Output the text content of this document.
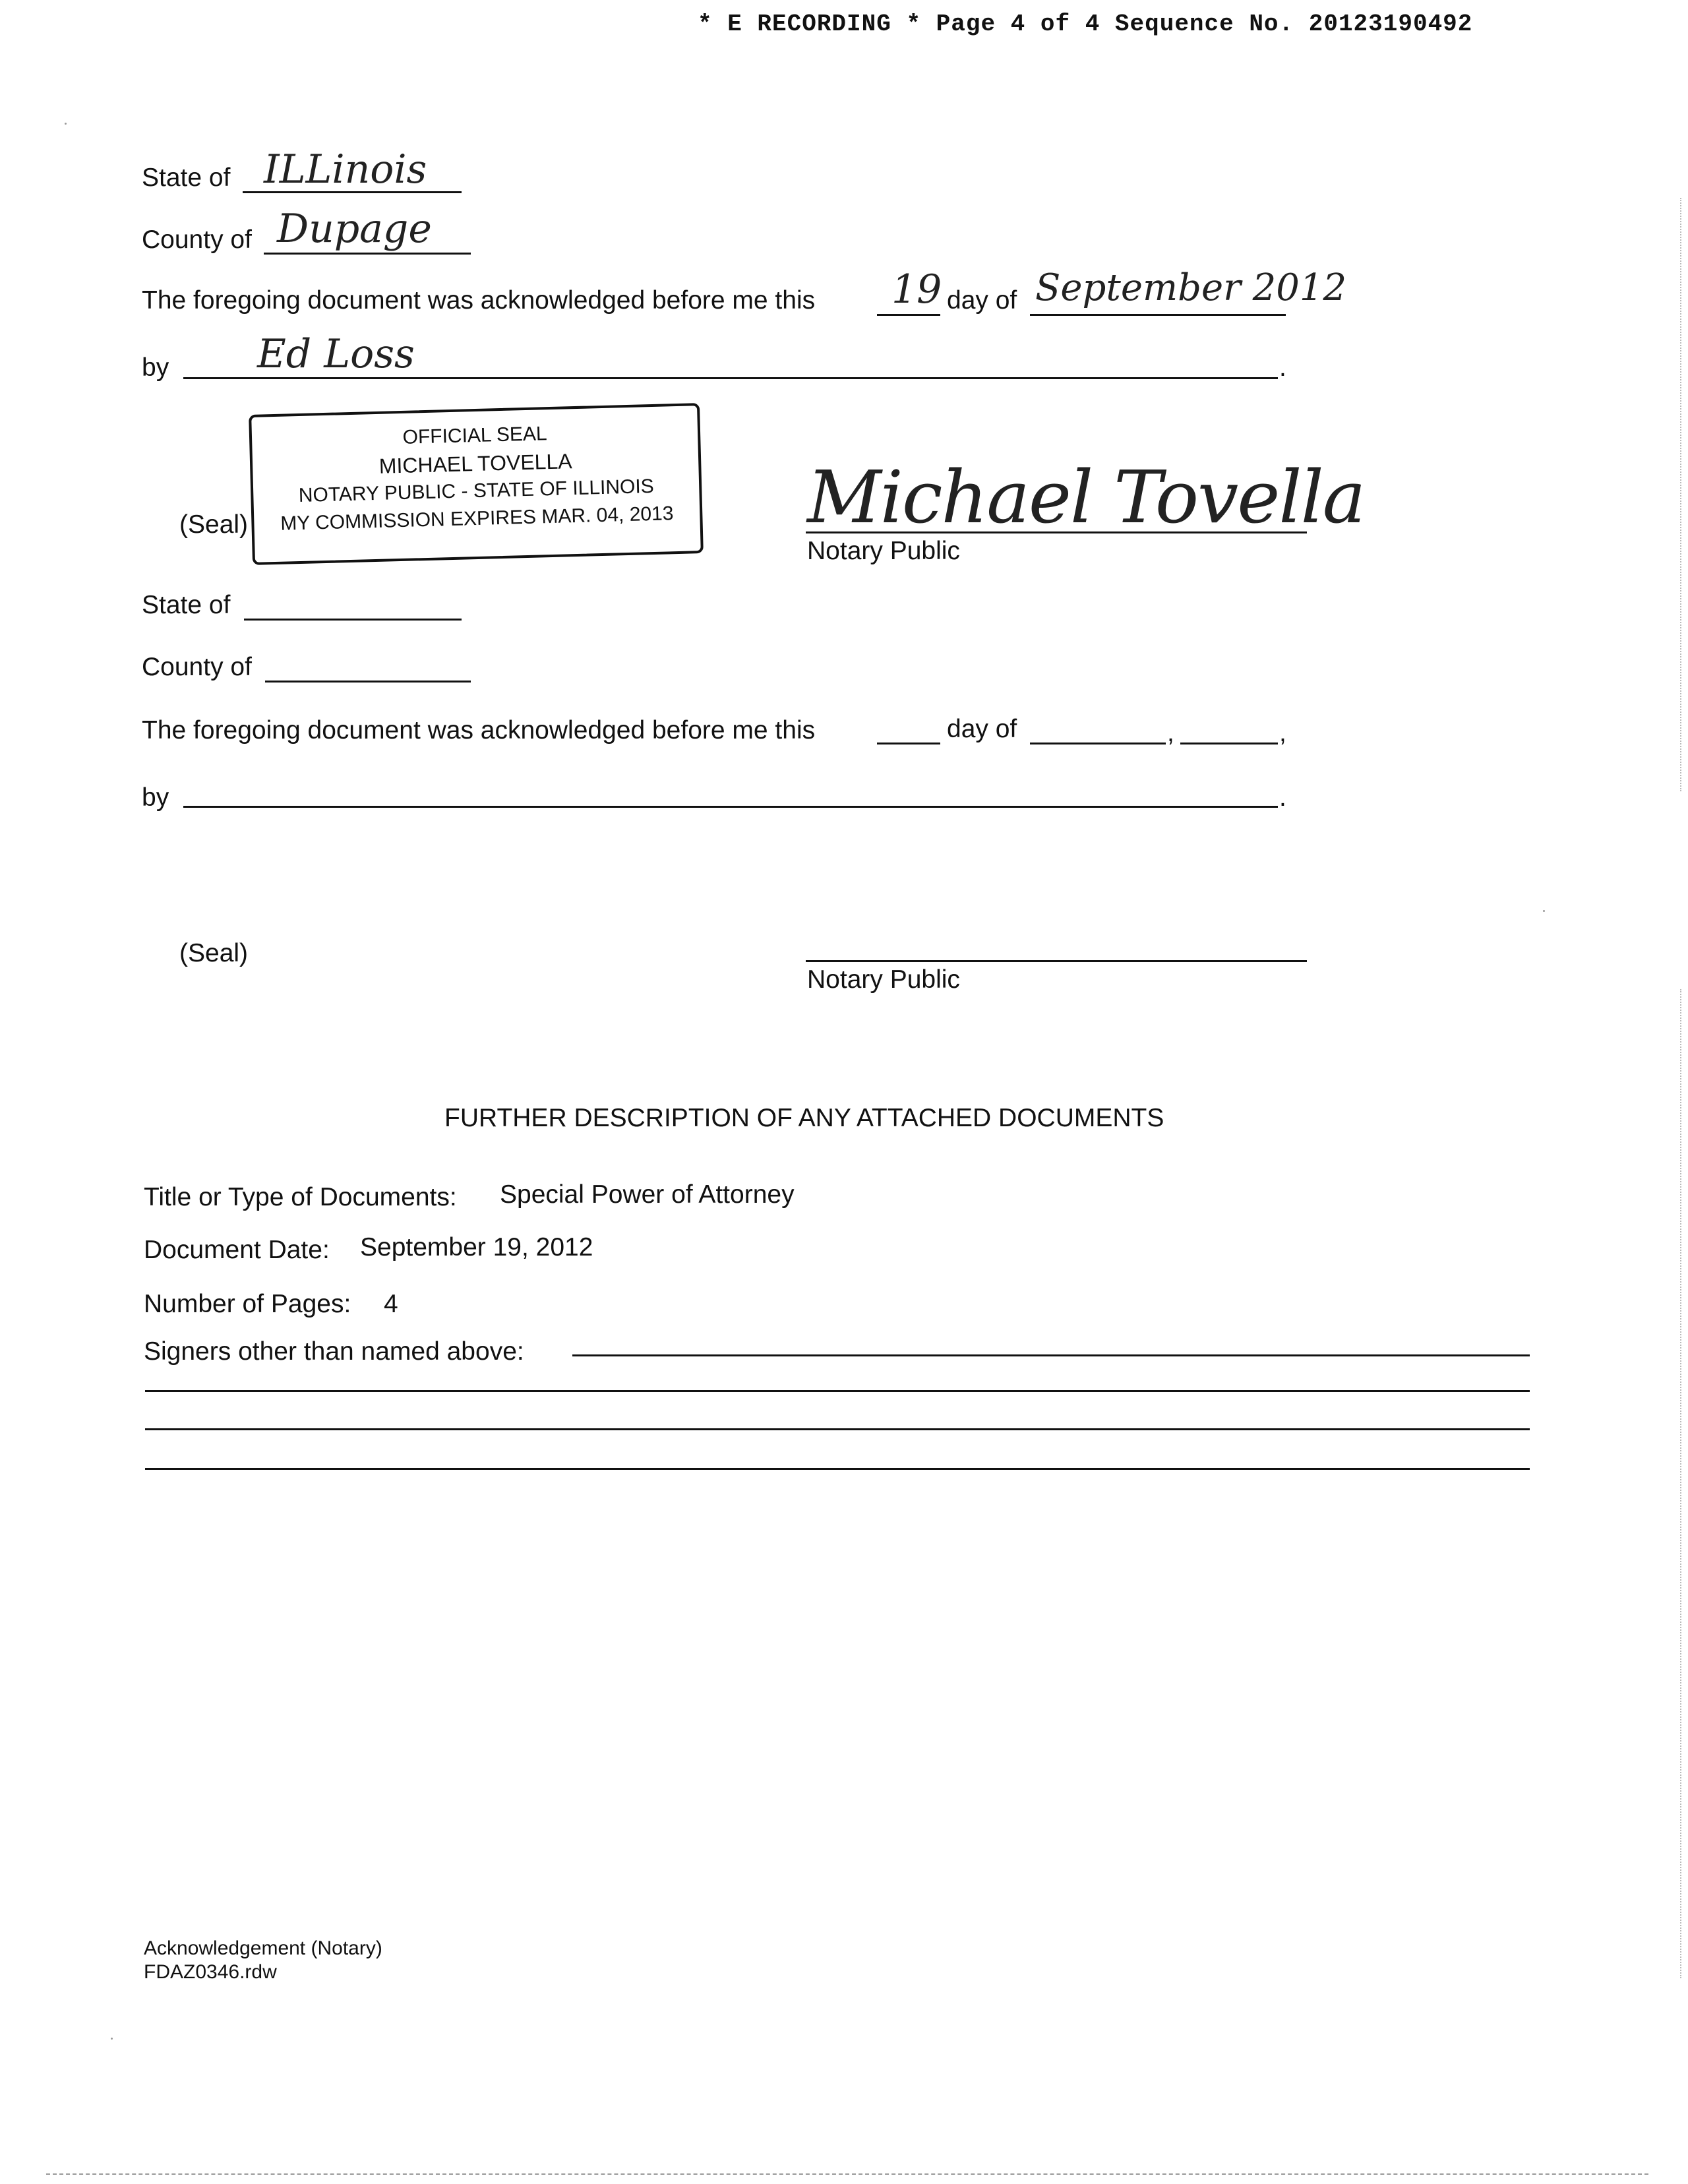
* E RECORDING * Page 4 of 4 Sequence No. 20123190492
State of ILLinois
County of Dupage
The foregoing document was acknowledged before me this 19 day of September 2012
by Ed Loss	.
(Seal)
OFFICIAL SEAL
MICHAEL TOVELLA
NOTARY PUBLIC - STATE OF ILLINOIS
MY COMMISSION EXPIRES MAR. 04, 2013	Michael Tovella
Notary Public
State of
County of
The foregoing document was acknowledged before me this	day of	,	,
by	.
(Seal)
Notary Public
FURTHER DESCRIPTION OF ANY ATTACHED DOCUMENTS
Title or Type of Documents: Special Power of Attorney
Document Date: September 19, 2012
Number of Pages: 4
Signers other than named above:
Acknowledgement (Notary)
FDAZ0346.rdw
